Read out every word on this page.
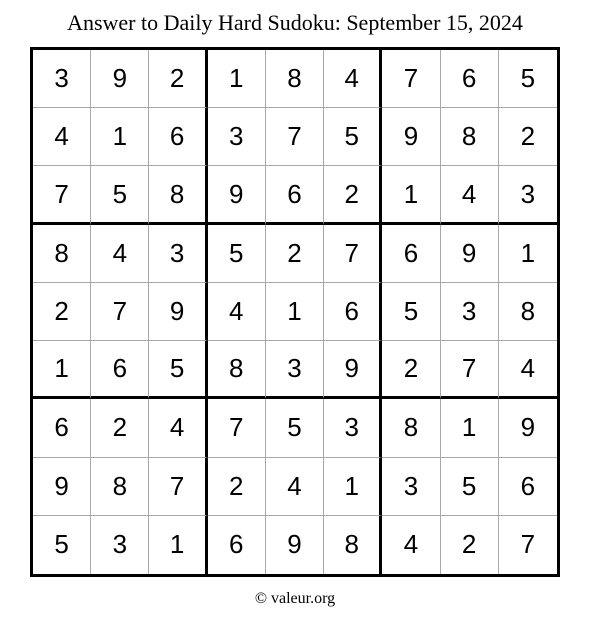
Answer to Daily Hard Sudoku: September 15, 2024
3	9	2	1	8	4	7	6	5
4	1	6	3	7	5	9	8	2
7	5	8	9	6	2	1	4	3
8	4	3	5	2	7	6	9	1
2	7	9	4	1	6	5	3	8
1	6	5	8	3	9	2	7	4
6	2	4	7	5	3	8	1	9
9	8	7	2	4	1	3	5	6
5	3	1	6	9	8	4	2	7
© valeur.org
